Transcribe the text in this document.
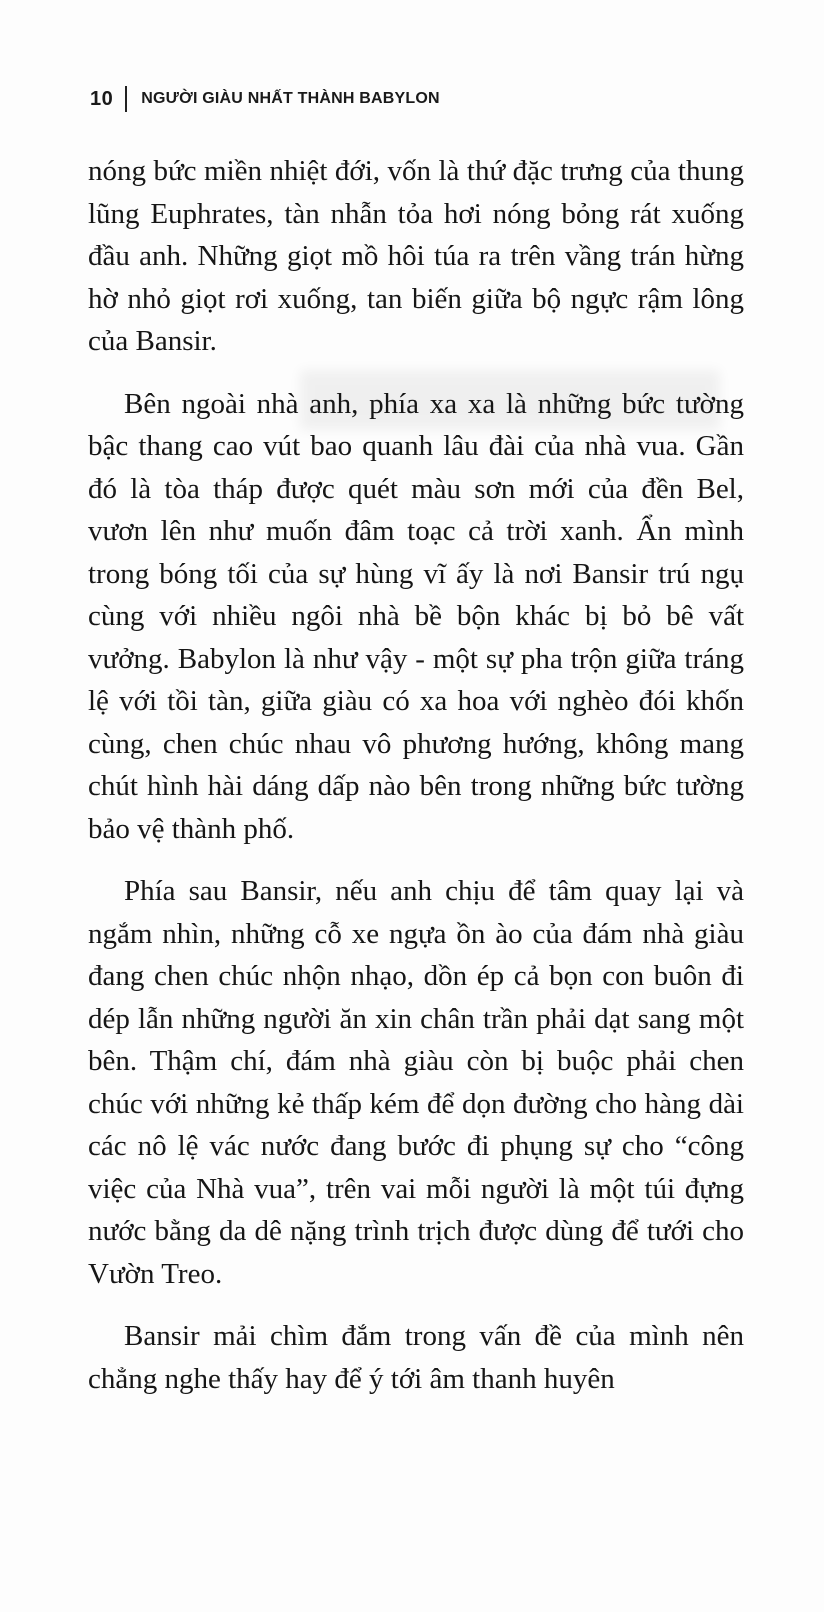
10 NGƯỜI GIÀU NHẤT THÀNH BABYLON

nóng bức miền nhiệt đới, vốn là thứ đặc trưng của thung lũng Euphrates, tàn nhẫn tỏa hơi nóng bỏng rát xuống đầu anh. Những giọt mồ hôi túa ra trên vầng trán hừng hờ nhỏ giọt rơi xuống, tan biến giữa bộ ngực rậm lông của Bansir.

Bên ngoài nhà anh, phía xa xa là những bức tường bậc thang cao vút bao quanh lâu đài của nhà vua. Gần đó là tòa tháp được quét màu sơn mới của đền Bel, vươn lên như muốn đâm toạc cả trời xanh. Ẩn mình trong bóng tối của sự hùng vĩ ấy là nơi Bansir trú ngụ cùng với nhiều ngôi nhà bề bộn khác bị bỏ bê vất vưởng. Babylon là như vậy - một sự pha trộn giữa tráng lệ với tồi tàn, giữa giàu có xa hoa với nghèo đói khốn cùng, chen chúc nhau vô phương hướng, không mang chút hình hài dáng dấp nào bên trong những bức tường bảo vệ thành phố.

Phía sau Bansir, nếu anh chịu để tâm quay lại và ngắm nhìn, những cỗ xe ngựa ồn ào của đám nhà giàu đang chen chúc nhộn nhạo, dồn ép cả bọn con buôn đi dép lẫn những người ăn xin chân trần phải dạt sang một bên. Thậm chí, đám nhà giàu còn bị buộc phải chen chúc với những kẻ thấp kém để dọn đường cho hàng dài các nô lệ vác nước đang bước đi phụng sự cho “công việc của Nhà vua”, trên vai mỗi người là một túi đựng nước bằng da dê nặng trình trịch được dùng để tưới cho Vườn Treo.

Bansir mải chìm đắm trong vấn đề của mình nên chẳng nghe thấy hay để ý tới âm thanh huyên
